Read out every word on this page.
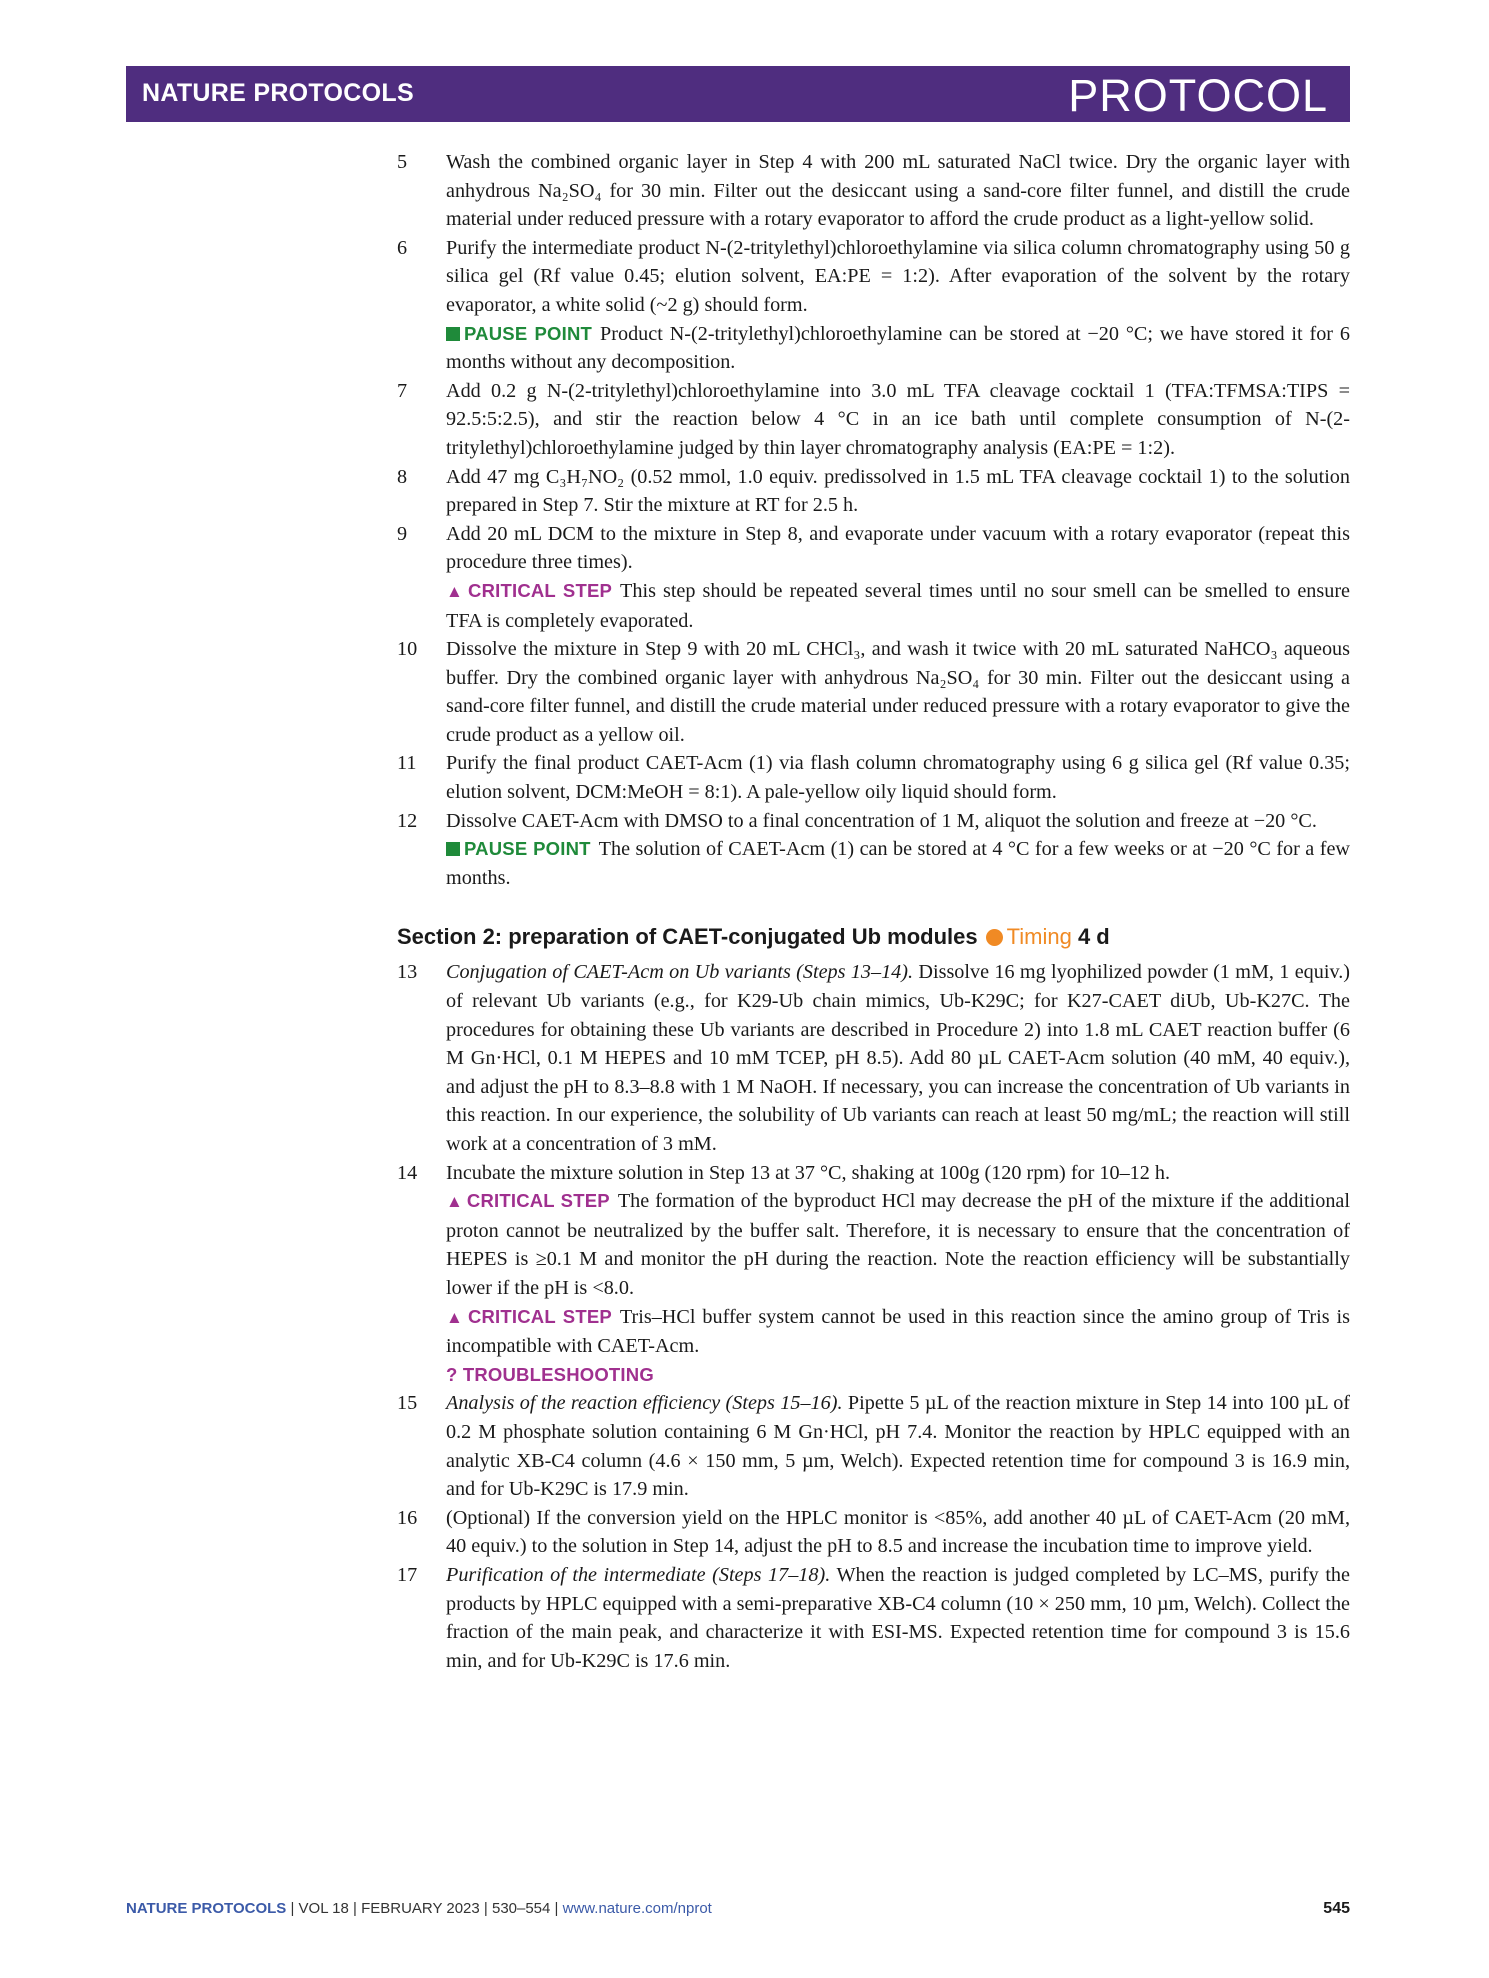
NATURE PROTOCOLS	PROTOCOL
5 Wash the combined organic layer in Step 4 with 200 mL saturated NaCl twice. Dry the organic layer with anhydrous Na₂SO₄ for 30 min. Filter out the desiccant using a sand-core filter funnel, and distill the crude material under reduced pressure with a rotary evaporator to afford the crude product as a light-yellow solid.

6 Purify the intermediate product N-(2-tritylethyl)chloroethylamine via silica column chromatography using 50 g silica gel (Rf value 0.45; elution solvent, EA:PE = 1:2). After evaporation of the solvent by the rotary evaporator, a white solid (~2 g) should form.

PAUSE POINT Product N-(2-tritylethyl)chloroethylamine can be stored at −20 °C; we have stored it for 6 months without any decomposition.

7 Add 0.2 g N-(2-tritylethyl)chloroethylamine into 3.0 mL TFA cleavage cocktail 1 (TFA:TFMSA:TIPS = 92.5:5:2.5), and stir the reaction below 4 °C in an ice bath until complete consumption of N-(2-tritylethyl)chloroethylamine judged by thin layer chromatography analysis (EA:PE = 1:2).

8 Add 47 mg C₃H₇NO₂ (0.52 mmol, 1.0 equiv. predissolved in 1.5 mL TFA cleavage cocktail 1) to the solution prepared in Step 7. Stir the mixture at RT for 2.5 h.

9 Add 20 mL DCM to the mixture in Step 8, and evaporate under vacuum with a rotary evaporator (repeat this procedure three times).

▲ CRITICAL STEP This step should be repeated several times until no sour smell can be smelled to ensure TFA is completely evaporated.

10 Dissolve the mixture in Step 9 with 20 mL CHCl₃, and wash it twice with 20 mL saturated NaHCO₃ aqueous buffer. Dry the combined organic layer with anhydrous Na₂SO₄ for 30 min. Filter out the desiccant using a sand-core filter funnel, and distill the crude material under reduced pressure with a rotary evaporator to give the crude product as a yellow oil.

11 Purify the final product CAET-Acm (1) via flash column chromatography using 6 g silica gel (Rf value 0.35; elution solvent, DCM:MeOH = 8:1). A pale-yellow oily liquid should form.

12 Dissolve CAET-Acm with DMSO to a final concentration of 1 M, aliquot the solution and freeze at −20 °C.

PAUSE POINT The solution of CAET-Acm (1) can be stored at 4 °C for a few weeks or at −20 °C for a few months.

Section 2: preparation of CAET-conjugated Ub modules Timing 4 d
13 Conjugation of CAET-Acm on Ub variants (Steps 13–14). Dissolve 16 mg lyophilized powder (1 mM, 1 equiv.) of relevant Ub variants (e.g., for K29-Ub chain mimics, Ub-K29C; for K27-CAET diUb, Ub-K27C. The procedures for obtaining these Ub variants are described in Procedure 2) into 1.8 mL CAET reaction buffer (6 M Gn·HCl, 0.1 M HEPES and 10 mM TCEP, pH 8.5). Add 80 µL CAET-Acm solution (40 mM, 40 equiv.), and adjust the pH to 8.3–8.8 with 1 M NaOH. If necessary, you can increase the concentration of Ub variants in this reaction. In our experience, the solubility of Ub variants can reach at least 50 mg/mL; the reaction will still work at a concentration of 3 mM.

14 Incubate the mixture solution in Step 13 at 37 °C, shaking at 100g (120 rpm) for 10–12 h.

▲ CRITICAL STEP The formation of the byproduct HCl may decrease the pH of the mixture if the additional proton cannot be neutralized by the buffer salt. Therefore, it is necessary to ensure that the concentration of HEPES is ≥0.1 M and monitor the pH during the reaction. Note the reaction efficiency will be substantially lower if the pH is <8.0.

▲ CRITICAL STEP Tris–HCl buffer system cannot be used in this reaction since the amino group of Tris is incompatible with CAET-Acm.

? TROUBLESHOOTING

15 Analysis of the reaction efficiency (Steps 15–16). Pipette 5 µL of the reaction mixture in Step 14 into 100 µL of 0.2 M phosphate solution containing 6 M Gn·HCl, pH 7.4. Monitor the reaction by HPLC equipped with an analytic XB-C4 column (4.6 × 150 mm, 5 µm, Welch). Expected retention time for compound 3 is 16.9 min, and for Ub-K29C is 17.9 min.

16 (Optional) If the conversion yield on the HPLC monitor is <85%, add another 40 µL of CAET-Acm (20 mM, 40 equiv.) to the solution in Step 14, adjust the pH to 8.5 and increase the incubation time to improve yield.

17 Purification of the intermediate (Steps 17–18). When the reaction is judged completed by LC–MS, purify the products by HPLC equipped with a semi-preparative XB-C4 column (10 × 250 mm, 10 µm, Welch). Collect the fraction of the main peak, and characterize it with ESI-MS. Expected retention time for compound 3 is 15.6 min, and for Ub-K29C is 17.6 min.

NATURE PROTOCOLS | VOL 18 | FEBRUARY 2023 | 530–554 | www.nature.com/nprot	545
